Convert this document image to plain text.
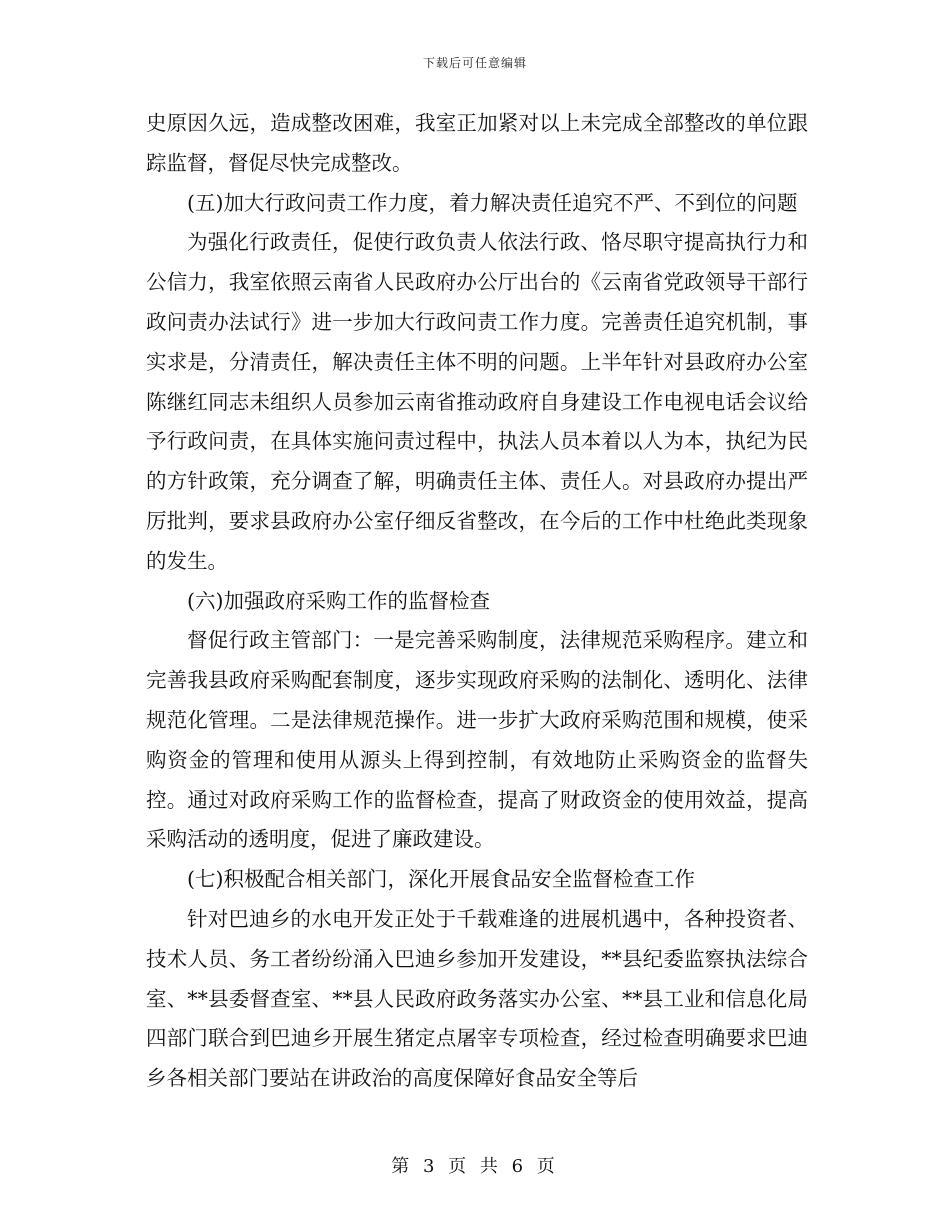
下载后可任意编辑

史原因久远，造成整改困难，我室正加紧对以上未完成全部整改的单位跟踪监督，督促尽快完成整改。

(五)加大行政问责工作力度，着力解决责任追究不严、不到位的问题

为强化行政责任，促使行政负责人依法行政、恪尽职守提高执行力和公信力，我室依照云南省人民政府办公厅出台的《云南省党政领导干部行政问责办法试行》进一步加大行政问责工作力度。完善责任追究机制，事实求是，分清责任，解决责任主体不明的问题。上半年针对县政府办公室陈继红同志未组织人员参加云南省推动政府自身建设工作电视电话会议给予行政问责，在具体实施问责过程中，执法人员本着以人为本，执纪为民的方针政策，充分调查了解，明确责任主体、责任人。对县政府办提出严厉批判，要求县政府办公室仔细反省整改，在今后的工作中杜绝此类现象的发生。

(六)加强政府采购工作的监督检查

督促行政主管部门：一是完善采购制度，法律规范采购程序。建立和完善我县政府采购配套制度，逐步实现政府采购的法制化、透明化、法律规范化管理。二是法律规范操作。进一步扩大政府采购范围和规模，使采购资金的管理和使用从源头上得到控制，有效地防止采购资金的监督失控。通过对政府采购工作的监督检查，提高了财政资金的使用效益，提高采购活动的透明度，促进了廉政建设。

(七)积极配合相关部门，深化开展食品安全监督检查工作

针对巴迪乡的水电开发正处于千载难逢的进展机遇中，各种投资者、技术人员、务工者纷纷涌入巴迪乡参加开发建设，**县纪委监察执法综合室、**县委督查室、**县人民政府政务落实办公室、**县工业和信息化局四部门联合到巴迪乡开展生猪定点屠宰专项检查，经过检查明确要求巴迪乡各相关部门要站在讲政治的高度保障好食品安全等后

第 3 页 共 6 页
